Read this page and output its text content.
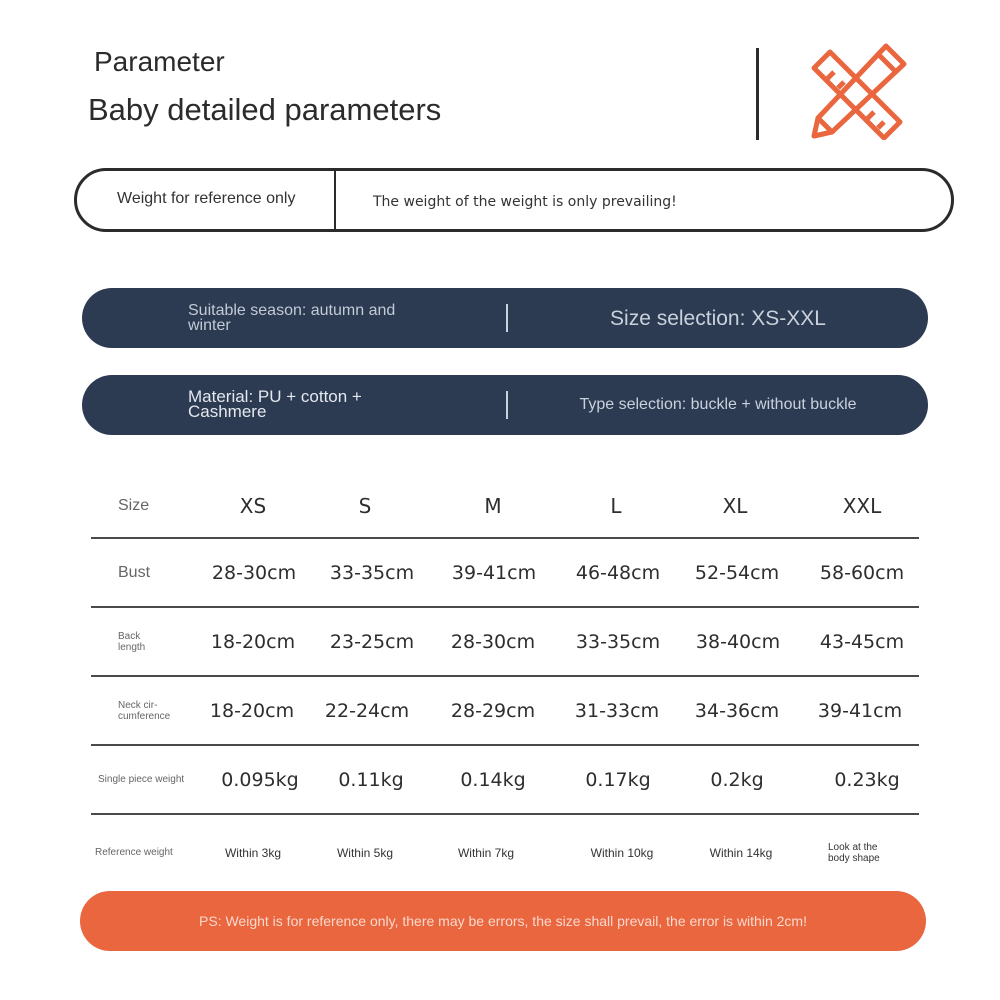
Parameter
Baby detailed parameters
Weight for reference only	The weight of the weight is only prevailing!
Suitable season: autumn and winter	Size selection: XS-XXL
Material: PU + cotton + Cashmere	Type selection: buckle + without buckle
Size	XS	S	M	L	XL	XXL
Bust	28-30cm 33-35cm 39-41cm 46-48cm 52-54cm 58-60cm
Back length	18-20cm 23-25cm 28-30cm 33-35cm 38-40cm 43-45cm
Neck cir-cumference	18-20cm 22-24cm 28-29cm 31-33cm 34-36cm 39-41cm
Single piece weight 0.095kg 0.11kg	0.14kg	0.17kg	0.2kg	0.23kg
Reference weight	Within 3kg	Within 5kg	Within 7kg	Within 10kg	Within 14kg	Look at the body shape
PS: Weight is for reference only, there may be errors, the size shall prevail, the error is within 2cm!
